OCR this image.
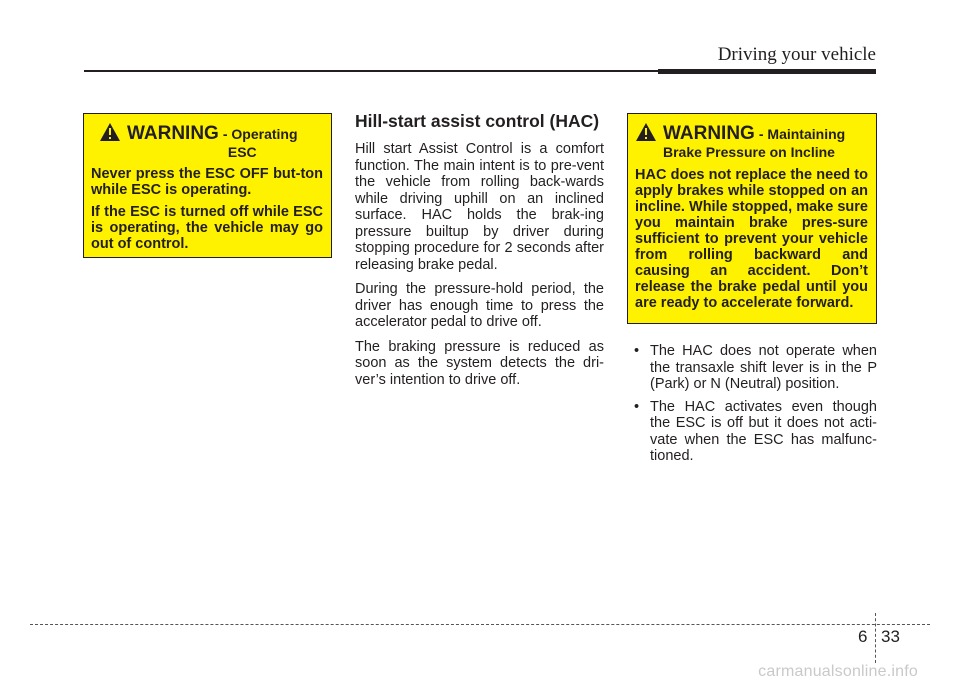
Driving your vehicle
WARNING - Operating

ESC

Never press the ESC OFF but-ton while ESC is operating.

If the ESC is turned off while ESC is operating, the vehicle may go out of control.

Hill-start assist control (HAC)

Hill start Assist Control is a comfort function. The main intent is to pre-vent the vehicle from rolling back-wards while driving uphill on an inclined surface. HAC holds the brak-ing pressure builtup by driver during stopping procedure for 2 seconds after releasing brake pedal.

During the pressure-hold period, the driver has enough time to press the accelerator pedal to drive off.

The braking pressure is reduced as soon as the system detects the dri-ver’s intention to drive off.

WARNING - Maintaining
Brake Pressure on Incline

HAC does not replace the need to apply brakes while stopped on an incline. While stopped, make sure you maintain brake pres-sure sufficient to prevent your vehicle from rolling backward and causing an accident. Don’t release the brake pedal until you are ready to accelerate forward.

• The HAC does not operate when the transaxle shift lever is in the P (Park) or N (Neutral) position.
• The HAC activates even though the ESC is off but it does not acti-vate when the ESC has malfunc-tioned.
6 33
carmanualsonline.info
